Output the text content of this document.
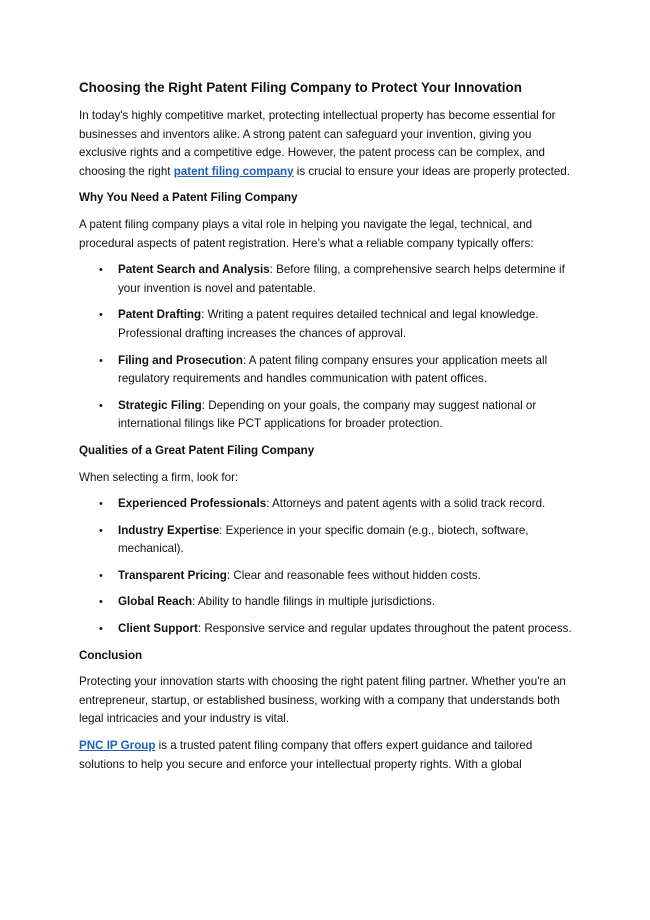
Choosing the Right Patent Filing Company to Protect Your Innovation

In today's highly competitive market, protecting intellectual property has become essential for businesses and inventors alike. A strong patent can safeguard your invention, giving you exclusive rights and a competitive edge. However, the patent process can be complex, and choosing the right patent filing company is crucial to ensure your ideas are properly protected.

Why You Need a Patent Filing Company

A patent filing company plays a vital role in helping you navigate the legal, technical, and procedural aspects of patent registration. Here’s what a reliable company typically offers:

• Patent Search and Analysis: Before filing, a comprehensive search helps determine if your invention is novel and patentable.
• Patent Drafting: Writing a patent requires detailed technical and legal knowledge. Professional drafting increases the chances of approval.
• Filing and Prosecution: A patent filing company ensures your application meets all regulatory requirements and handles communication with patent offices.
• Strategic Filing: Depending on your goals, the company may suggest national or international filings like PCT applications for broader protection.
Qualities of a Great Patent Filing Company

When selecting a firm, look for:

• Experienced Professionals: Attorneys and patent agents with a solid track record.
• Industry Expertise: Experience in your specific domain (e.g., biotech, software, mechanical).
• Transparent Pricing: Clear and reasonable fees without hidden costs.
• Global Reach: Ability to handle filings in multiple jurisdictions.
• Client Support: Responsive service and regular updates throughout the patent process.
Conclusion

Protecting your innovation starts with choosing the right patent filing partner. Whether you're an entrepreneur, startup, or established business, working with a company that understands both legal intricacies and your industry is vital.

PNC IP Group is a trusted patent filing company that offers expert guidance and tailored solutions to help you secure and enforce your intellectual property rights. With a global
